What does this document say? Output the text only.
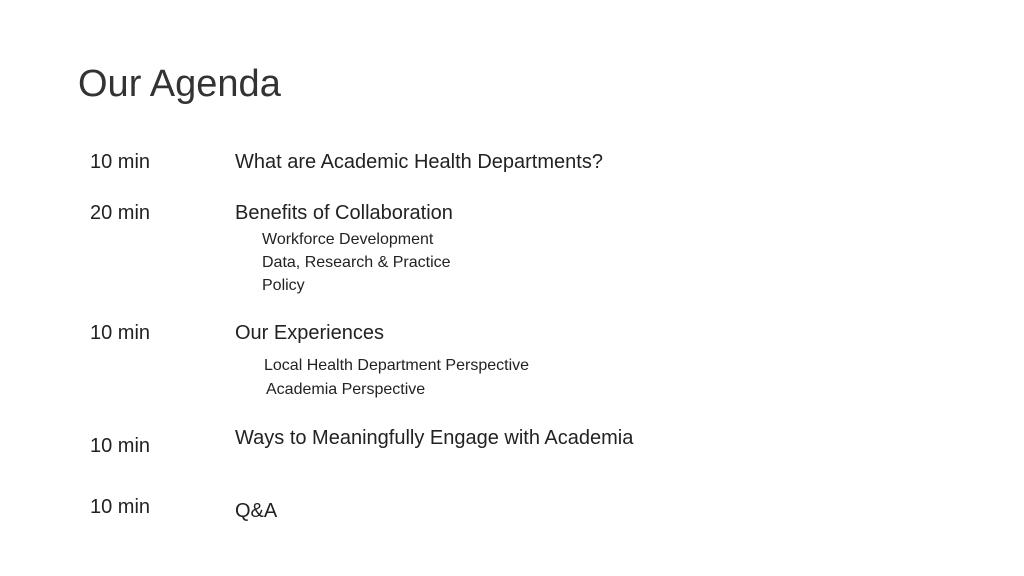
Our Agenda
10 min	What are Academic Health Departments?
20 min	Benefits of Collaboration
Workforce Development
Data, Research & Practice
Policy
10 min	Our Experiences
Local Health Department Perspective
Academia Perspective
10 min	Ways to Meaningfully Engage with Academia
10 min	Q&A
